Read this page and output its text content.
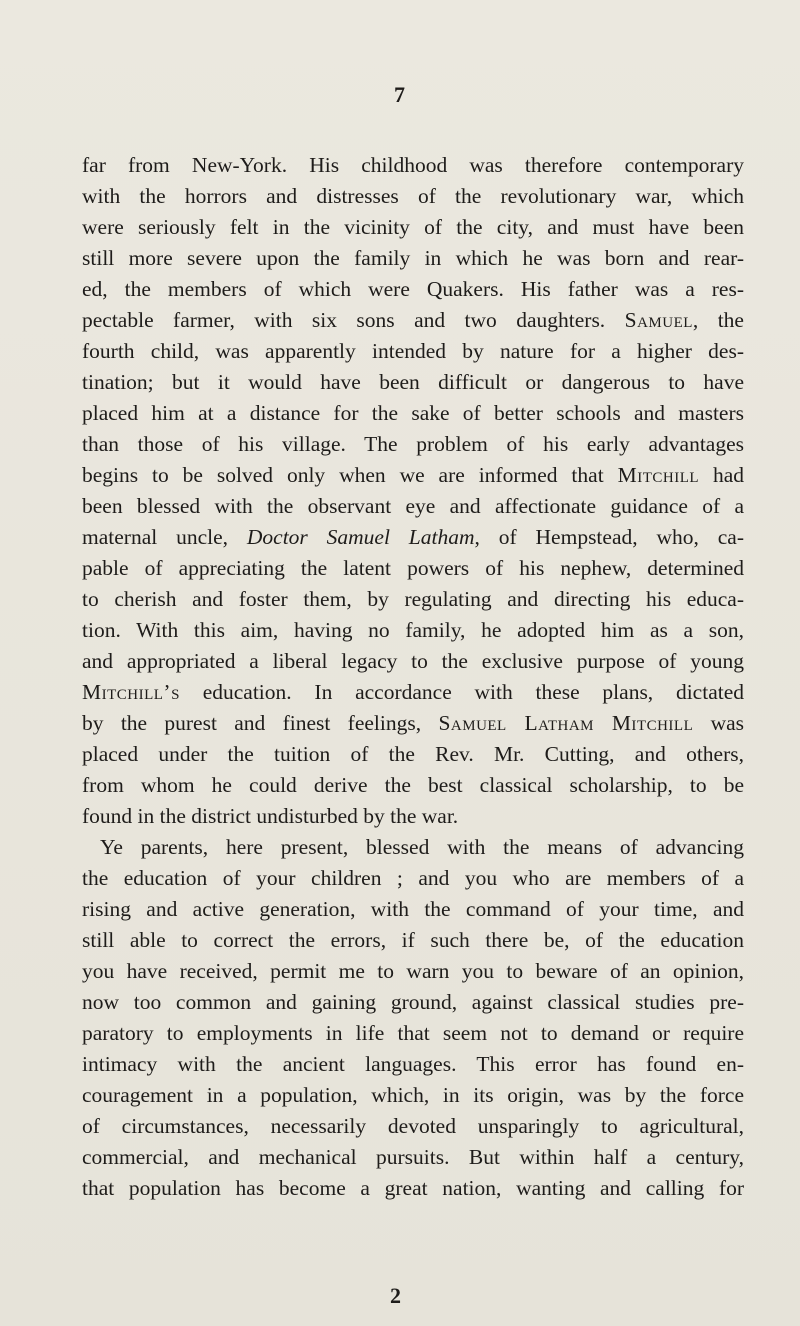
7
far from New-York. His childhood was therefore contemporary
with the horrors and distresses of the revolutionary war, which
were seriously felt in the vicinity of the city, and must have been
still more severe upon the family in which he was born and rear-
ed, the members of which were Quakers. His father was a res-
pectable farmer, with six sons and two daughters. Samuel, the
fourth child, was apparently intended by nature for a higher des-
tination; but it would have been difficult or dangerous to have
placed him at a distance for the sake of better schools and masters
than those of his village. The problem of his early advantages
begins to be solved only when we are informed that Mitchill had
been blessed with the observant eye and affectionate guidance of a
maternal uncle, Doctor Samuel Latham, of Hempstead, who, ca-
pable of appreciating the latent powers of his nephew, determined
to cherish and foster them, by regulating and directing his educa-
tion. With this aim, having no family, he adopted him as a son,
and appropriated a liberal legacy to the exclusive purpose of young
Mitchill’s education. In accordance with these plans, dictated
by the purest and finest feelings, Samuel Latham Mitchill was
placed under the tuition of the Rev. Mr. Cutting, and others,
from whom he could derive the best classical scholarship, to be
found in the district undisturbed by the war.
Ye parents, here present, blessed with the means of advancing
the education of your children ; and you who are members of a
rising and active generation, with the command of your time, and
still able to correct the errors, if such there be, of the education
you have received, permit me to warn you to beware of an opinion,
now too common and gaining ground, against classical studies pre-
paratory to employments in life that seem not to demand or require
intimacy with the ancient languages. This error has found en-
couragement in a population, which, in its origin, was by the force
of circumstances, necessarily devoted unsparingly to agricultural,
commercial, and mechanical pursuits. But within half a century,
that population has become a great nation, wanting and calling for
2
